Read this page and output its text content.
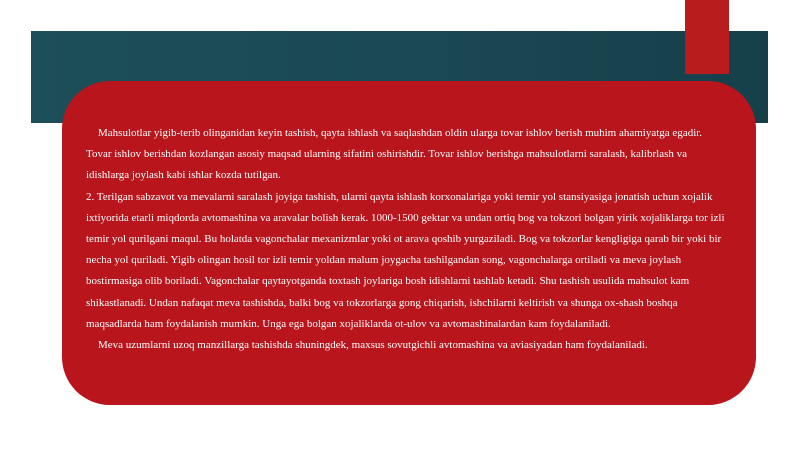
Mahsulotlar yigib-terib olinganidan keyin tashish, qayta ishlash va saqlashdan oldin ularga tovar ishlov berish muhim ahamiyatga egadir. Tovar ishlov berishdan kozlangan asosiy maqsad ularning sifatini oshirishdir. Tovar ishlov berishga mahsulotlarni saralash, kalibrlash va idishlarga joylash kabi ishlar kozda tutilgan.

2. Terilgan sabzavot va mevalarni saralash joyiga tashish, ularni qayta ishlash korxonalariga yoki temir yol stansiyasiga jonatish uchun xojalik ixtiyorida etarli miqdorda avtomashina va aravalar bolish kerak. 1000-1500 gektar va undan ortiq bog va tokzori bolgan yirik xojaliklarga tor izli temir yol qurilgani maqul. Bu holatda vagonchalar mexanizmlar yoki ot arava qoshib yurgaziladi. Bog va tokzorlar kengligiga qarab bir yoki bir necha yol quriladi. Yigib olingan hosil tor izli temir yoldan malum joygacha tashilgandan song, vagonchalarga ortiladi va meva joylash bostirmasiga olib boriladi. Vagonchalar qaytayotganda toxtash joylariga bosh idishlarni tashlab ketadi. Shu tashish usulida mahsulot kam shikastlanadi. Undan nafaqat meva tashishda, balki bog va tokzorlarga gong chiqarish, ishchilarni keltirish va shunga ox-shash boshqa maqsadlarda ham foydalanish mumkin. Unga ega bolgan xojaliklarda ot-ulov va avtomashinalardan kam foydalaniladi.

Meva uzumlarni uzoq manzillarga tashishda shuningdek, maxsus sovutgichli avtomashina va aviasiyadan ham foydalaniladi.
